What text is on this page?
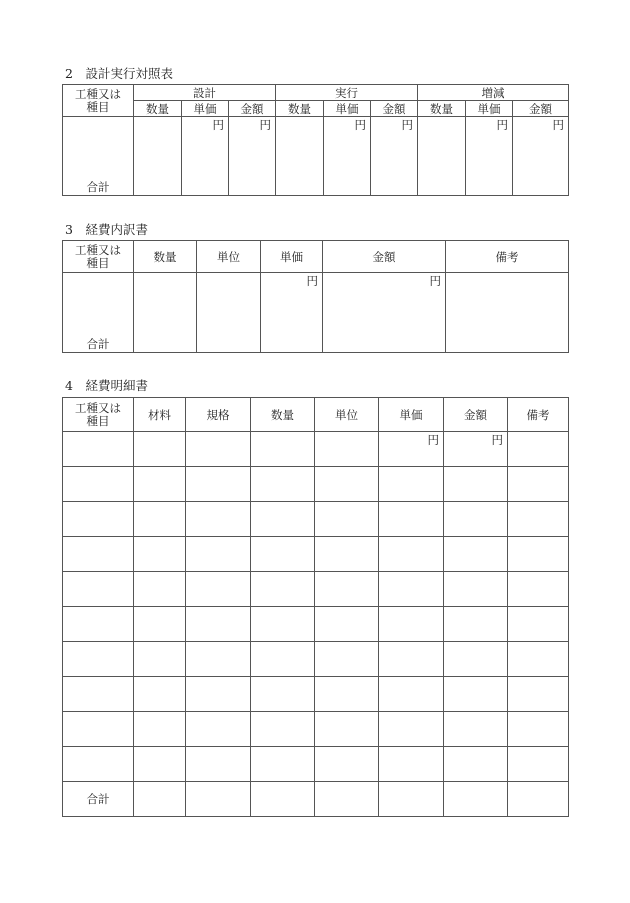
2　設計実行対照表
工種又は
種目	設計			実行			増減		
	数量	単価	金額	数量	単価	金額	数量	単価	金額
合計		円	円		円	円		円	円
3　経費内訳書
工種又は
種目	数量	単位	単価	金額	備考
合計			円	円	
4　経費明細書
工種又は
種目	材料	規格	数量	単位	単価	金額	備考
					円	円	

合計							
